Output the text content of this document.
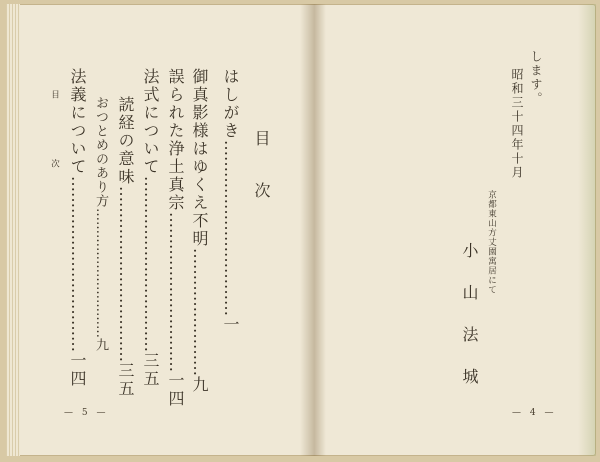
目　次
はしがき……………………………一
御真影様はゆくえ不明……………………九
誤られた浄土真宗…………………………一四
法式について……………………………三五
読経の意味……………………………三五
おつとめのあり方…………………………九
法義について……………………………一四
目　次
— 5 —
します。
昭和三十四年十月
京都東山方丈園寓居にて
小山法城
— 4 —
